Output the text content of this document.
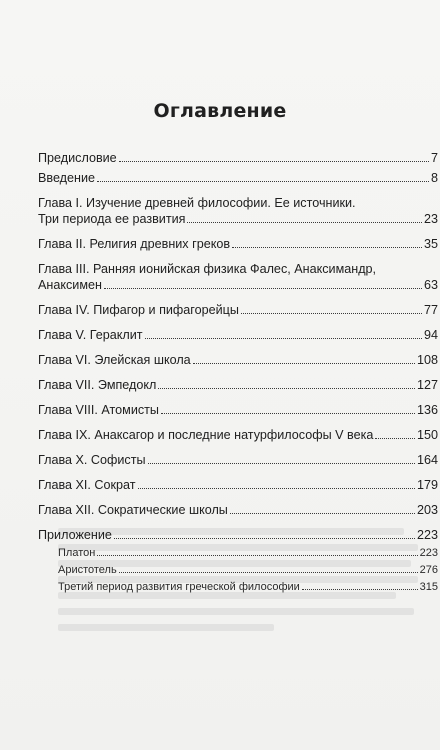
Оглавление
Предисловие	7
Введение	8
Глава I. Изучение древней философии. Ее источники.
Три периода ее развития	23
Глава II. Религия древних греков	35
Глава III. Ранняя ионийская физика Фалес, Анаксимандр,
Анаксимен	63
Глава IV. Пифагор и пифагорейцы	77
Глава V. Гераклит	94
Глава VI. Элейская школа	108
Глава VII. Эмпедокл	127
Глава VIII. Атомисты	136
Глава IX. Анаксагор и последние натурфилософы V века	150
Глава X. Софисты	164
Глава XI. Сократ	179
Глава XII. Сократические школы	203
Приложение	223
Платон	223
Аристотель	276
Третий период развития греческой философии	315
